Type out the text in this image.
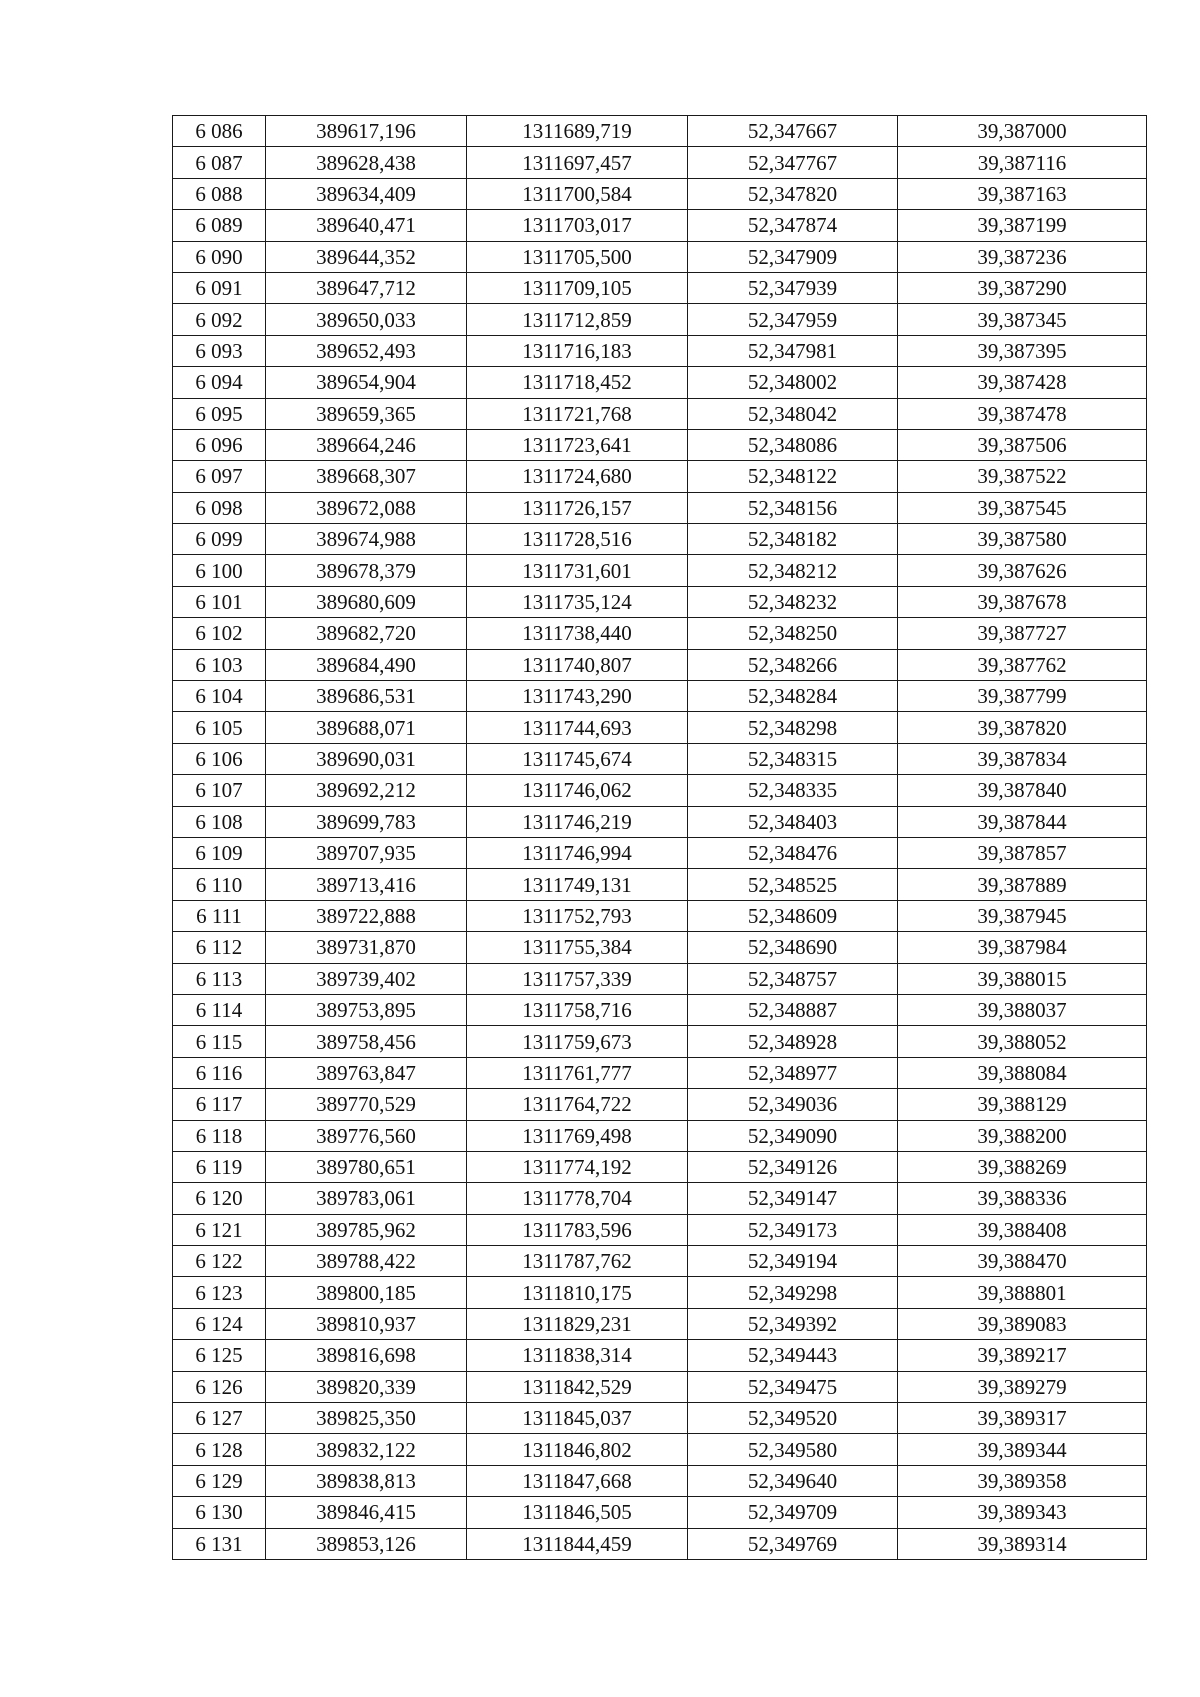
6 086	389617,196	1311689,719	52,347667	39,387000
6 087	389628,438	1311697,457	52,347767	39,387116
6 088	389634,409	1311700,584	52,347820	39,387163
6 089	389640,471	1311703,017	52,347874	39,387199
6 090	389644,352	1311705,500	52,347909	39,387236
6 091	389647,712	1311709,105	52,347939	39,387290
6 092	389650,033	1311712,859	52,347959	39,387345
6 093	389652,493	1311716,183	52,347981	39,387395
6 094	389654,904	1311718,452	52,348002	39,387428
6 095	389659,365	1311721,768	52,348042	39,387478
6 096	389664,246	1311723,641	52,348086	39,387506
6 097	389668,307	1311724,680	52,348122	39,387522
6 098	389672,088	1311726,157	52,348156	39,387545
6 099	389674,988	1311728,516	52,348182	39,387580
6 100	389678,379	1311731,601	52,348212	39,387626
6 101	389680,609	1311735,124	52,348232	39,387678
6 102	389682,720	1311738,440	52,348250	39,387727
6 103	389684,490	1311740,807	52,348266	39,387762
6 104	389686,531	1311743,290	52,348284	39,387799
6 105	389688,071	1311744,693	52,348298	39,387820
6 106	389690,031	1311745,674	52,348315	39,387834
6 107	389692,212	1311746,062	52,348335	39,387840
6 108	389699,783	1311746,219	52,348403	39,387844
6 109	389707,935	1311746,994	52,348476	39,387857
6 110	389713,416	1311749,131	52,348525	39,387889
6 111	389722,888	1311752,793	52,348609	39,387945
6 112	389731,870	1311755,384	52,348690	39,387984
6 113	389739,402	1311757,339	52,348757	39,388015
6 114	389753,895	1311758,716	52,348887	39,388037
6 115	389758,456	1311759,673	52,348928	39,388052
6 116	389763,847	1311761,777	52,348977	39,388084
6 117	389770,529	1311764,722	52,349036	39,388129
6 118	389776,560	1311769,498	52,349090	39,388200
6 119	389780,651	1311774,192	52,349126	39,388269
6 120	389783,061	1311778,704	52,349147	39,388336
6 121	389785,962	1311783,596	52,349173	39,388408
6 122	389788,422	1311787,762	52,349194	39,388470
6 123	389800,185	1311810,175	52,349298	39,388801
6 124	389810,937	1311829,231	52,349392	39,389083
6 125	389816,698	1311838,314	52,349443	39,389217
6 126	389820,339	1311842,529	52,349475	39,389279
6 127	389825,350	1311845,037	52,349520	39,389317
6 128	389832,122	1311846,802	52,349580	39,389344
6 129	389838,813	1311847,668	52,349640	39,389358
6 130	389846,415	1311846,505	52,349709	39,389343
6 131	389853,126	1311844,459	52,349769	39,389314
